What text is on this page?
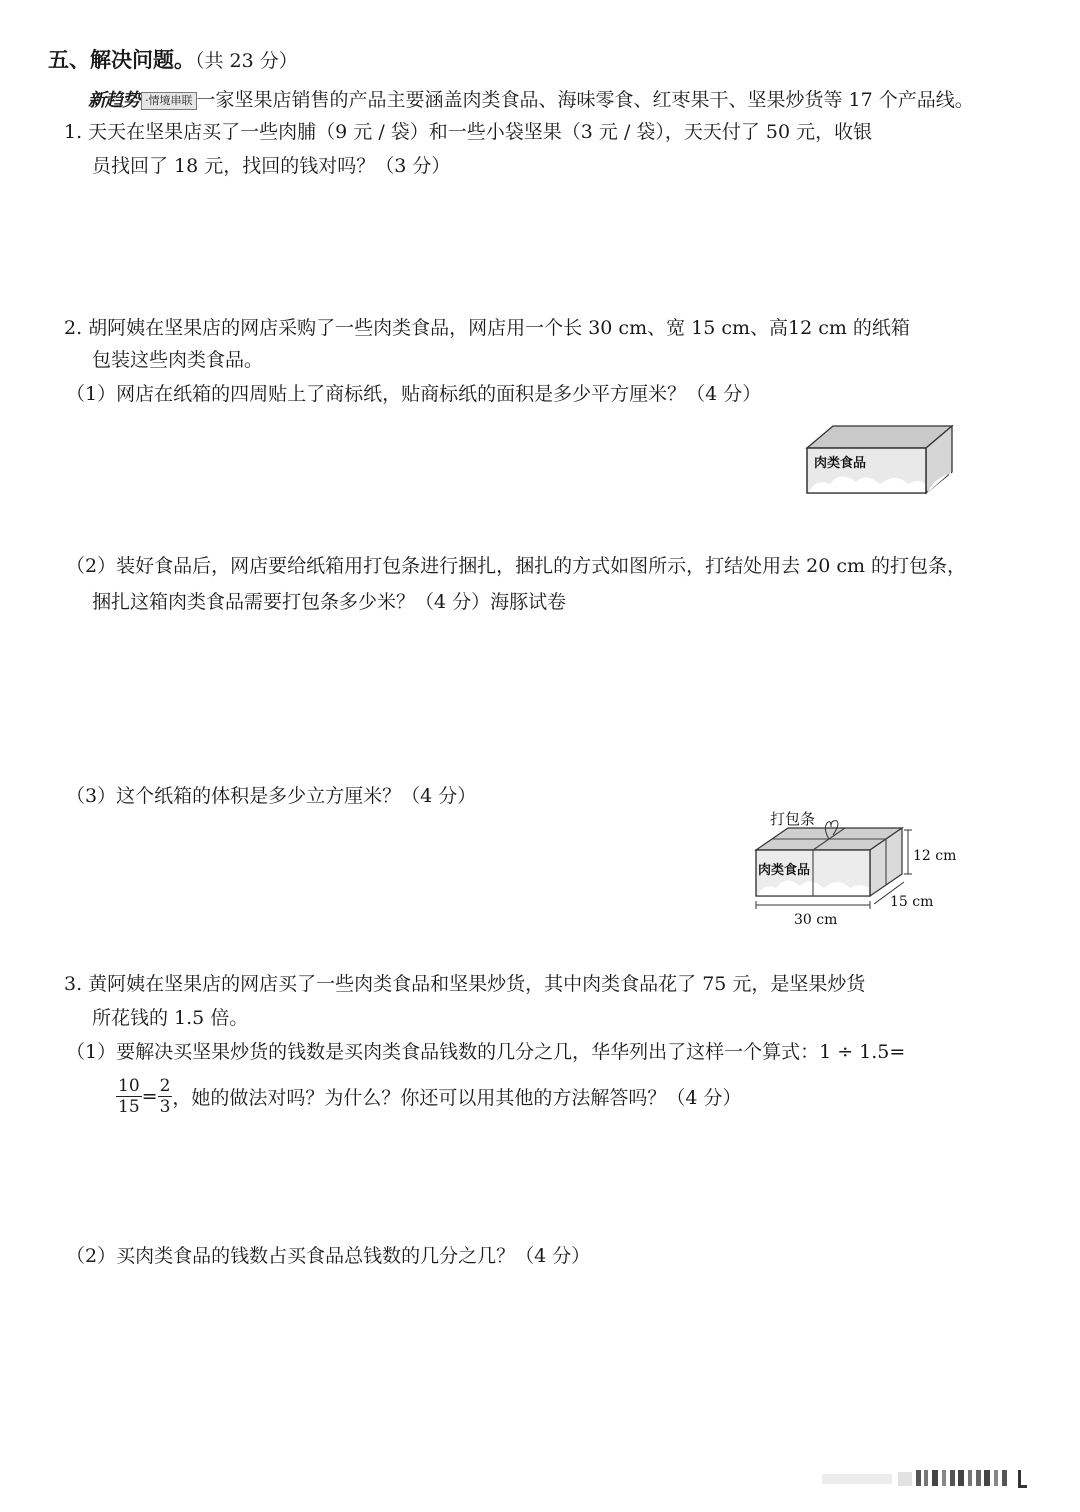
五、解决问题。（共 23 分）
新趋势 ·情境串联 一家坚果店销售的产品主要涵盖肉类食品、海味零食、红枣果干、坚果炒货等 17 个产品线。
1. 天天在坚果店买了一些肉脯（9 元 / 袋）和一些小袋坚果（3 元 / 袋），天天付了 50 元，收银
员找回了 18 元，找回的钱对吗？（3 分）
2. 胡阿姨在坚果店的网店采购了一些肉类食品，网店用一个长 30 cm、宽 15 cm、高12 cm 的纸箱
包装这些肉类食品。
（1）网店在纸箱的四周贴上了商标纸，贴商标纸的面积是多少平方厘米？（4 分）
肉类食品
（2）装好食品后，网店要给纸箱用打包条进行捆扎，捆扎的方式如图所示，打结处用去 20 cm 的打包条，
捆扎这箱肉类食品需要打包条多少米？（4 分）海豚试卷
（3）这个纸箱的体积是多少立方厘米？（4 分）
打包条
肉类食品
12 cm
15 cm
30 cm
3. 黄阿姨在坚果店的网店买了一些肉类食品和坚果炒货，其中肉类食品花了 75 元，是坚果炒货
所花钱的 1.5 倍。
（1）要解决买坚果炒货的钱数是买肉类食品钱数的几分之几，华华列出了这样一个算式：1 ÷ 1.5=
$\frac{10}{15} = \frac{2}{3}$ ，她的做法对吗？为什么？你还可以用其他的方法解答吗？（4 分）
（2）买肉类食品的钱数占买食品总钱数的几分之几？（4 分）
